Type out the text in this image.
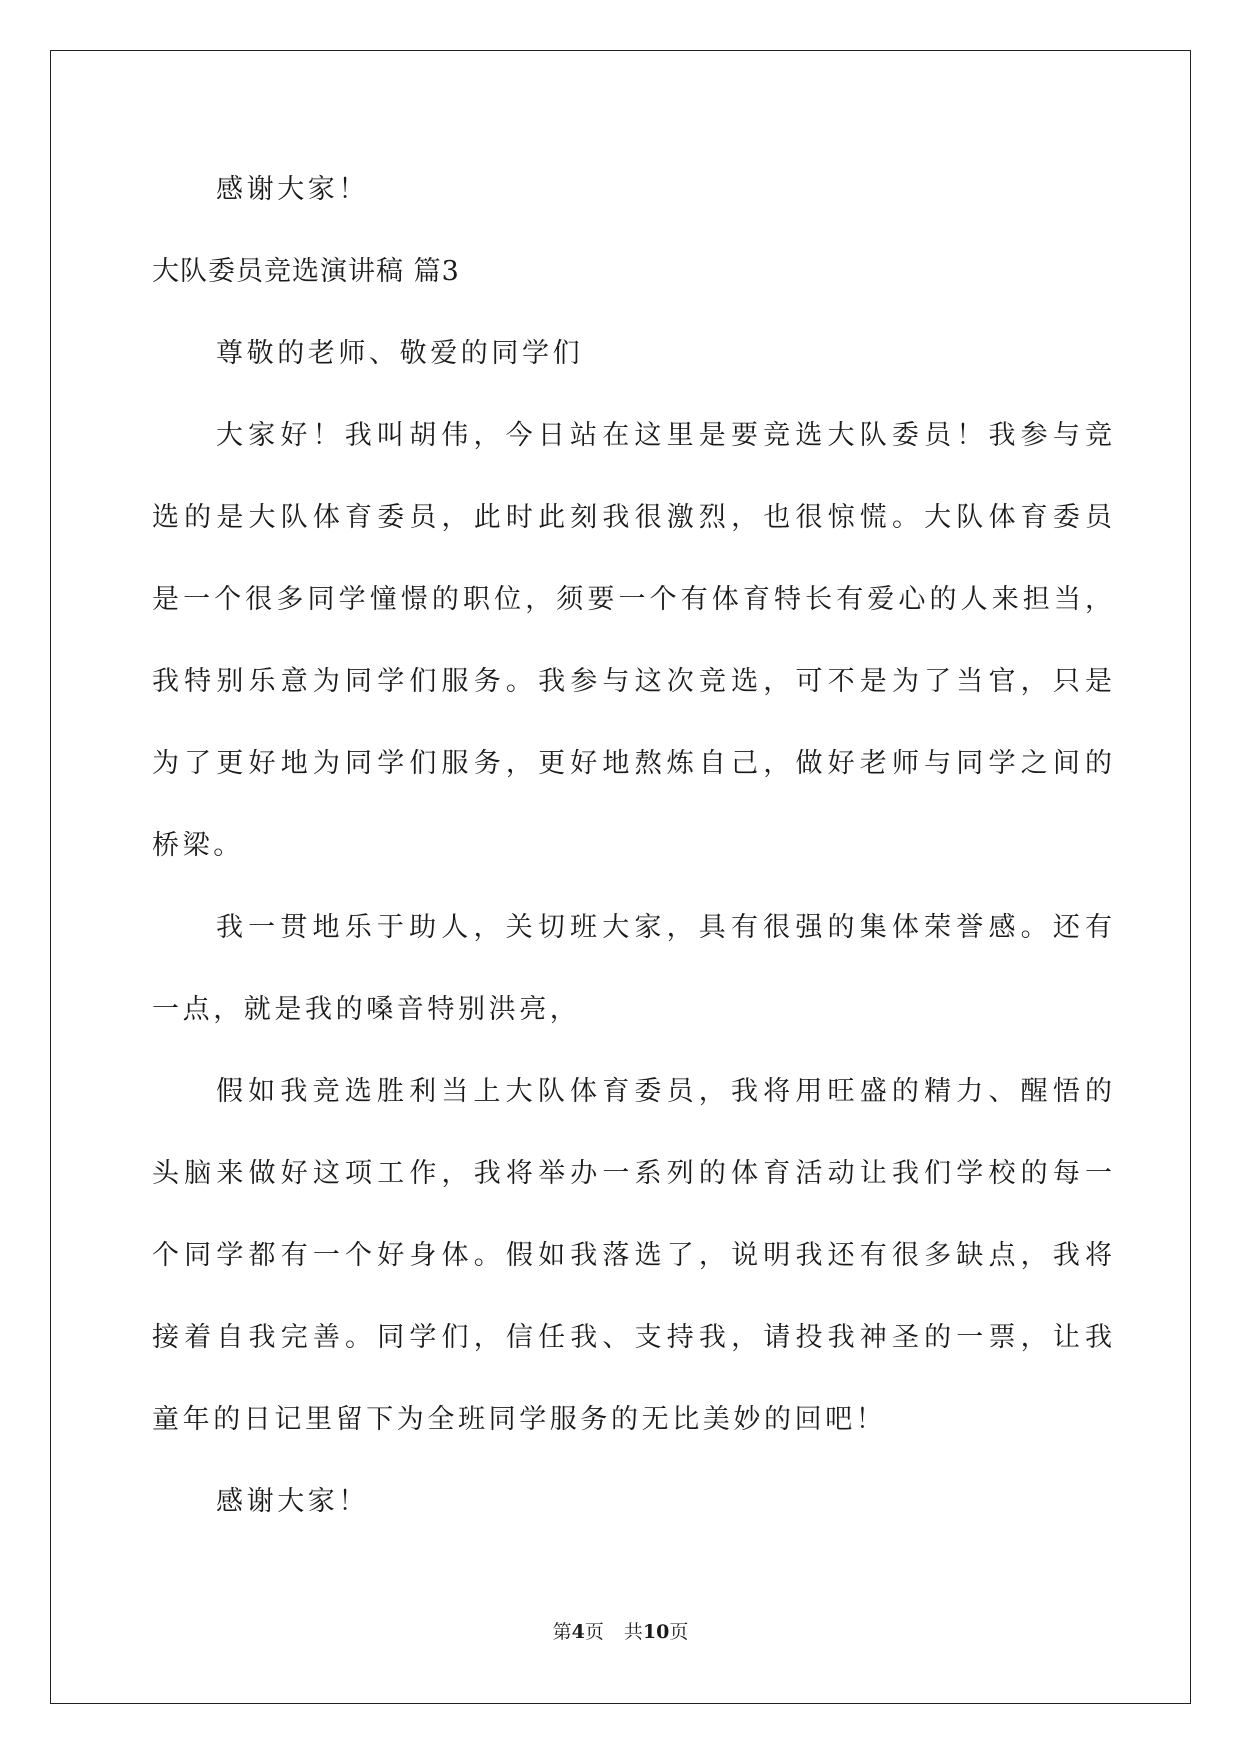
感谢大家！
大队委员竞选演讲稿 篇3
尊敬的老师、敬爱的同学们
大家好！我叫胡伟，今日站在这里是要竞选大队委员！我参与竞
选的是大队体育委员，此时此刻我很激烈，也很惊慌。大队体育委员
是一个很多同学憧憬的职位，须要一个有体育特长有爱心的人来担当，
我特别乐意为同学们服务。我参与这次竞选，可不是为了当官，只是
为了更好地为同学们服务，更好地熬炼自己，做好老师与同学之间的
桥梁。
我一贯地乐于助人，关切班大家，具有很强的集体荣誉感。还有
一点，就是我的嗓音特别洪亮，
假如我竞选胜利当上大队体育委员，我将用旺盛的精力、醒悟的
头脑来做好这项工作，我将举办一系列的体育活动让我们学校的每一
个同学都有一个好身体。假如我落选了，说明我还有很多缺点，我将
接着自我完善。同学们，信任我、支持我，请投我神圣的一票，让我
童年的日记里留下为全班同学服务的无比美妙的回吧！
感谢大家！
第4页 共10页
